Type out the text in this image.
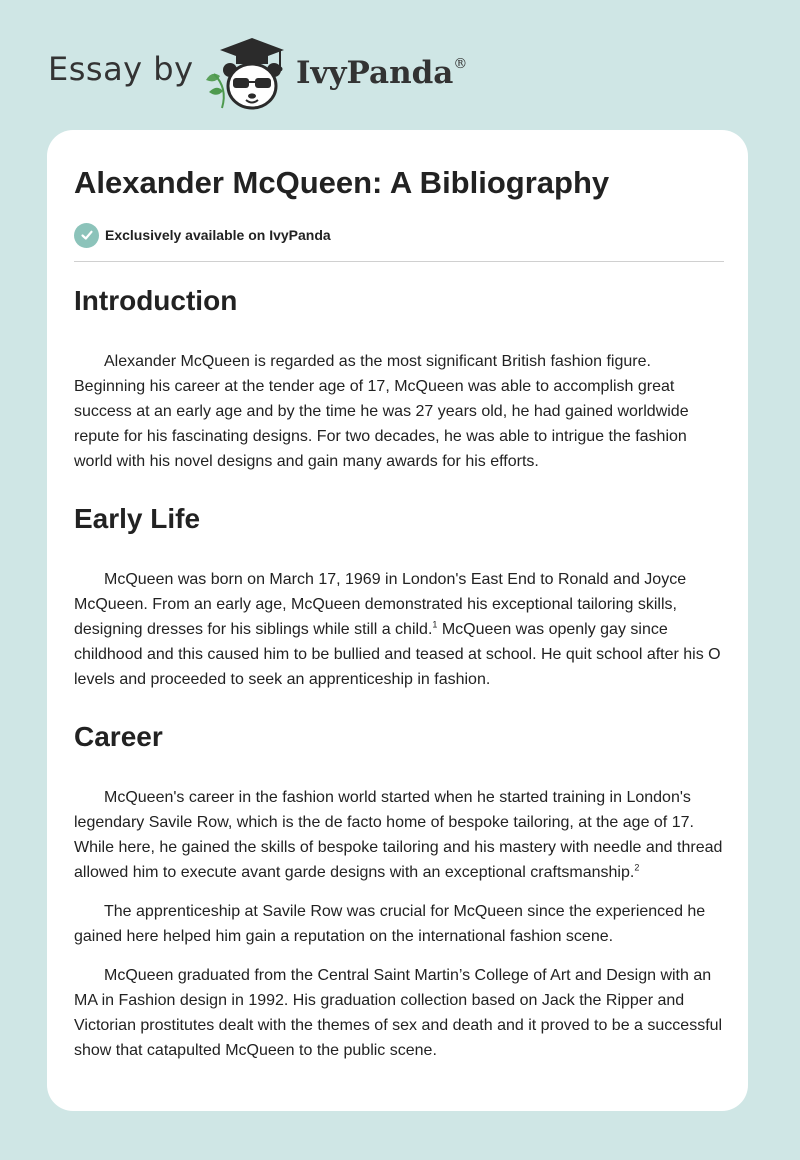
Essay by	IvyPanda®
Alexander McQueen: A Bibliography
Exclusively available on IvyPanda
Introduction

Alexander McQueen is regarded as the most significant British fashion figure. Beginning his career at the tender age of 17, McQueen was able to accomplish great success at an early age and by the time he was 27 years old, he had gained worldwide repute for his fascinating designs. For two decades, he was able to intrigue the fashion world with his novel designs and gain many awards for his efforts.

Early Life

McQueen was born on March 17, 1969 in London's East End to Ronald and Joyce McQueen. From an early age, McQueen demonstrated his exceptional tailoring skills, designing dresses for his siblings while still a child.$^1$ McQueen was openly gay since childhood and this caused him to be bullied and teased at school. He quit school after his O levels and proceeded to seek an apprenticeship in fashion.

Career

McQueen's career in the fashion world started when he started training in London's legendary Savile Row, which is the de facto home of bespoke tailoring, at the age of 17. While here, he gained the skills of bespoke tailoring and his mastery with needle and thread allowed him to execute avant garde designs with an exceptional craftsmanship.$^2$

The apprenticeship at Savile Row was crucial for McQueen since the experienced he gained here helped him gain a reputation on the international fashion scene.

McQueen graduated from the Central Saint Martin’s College of Art and Design with an MA in Fashion design in 1992. His graduation collection based on Jack the Ripper and Victorian prostitutes dealt with the themes of sex and death and it proved to be a successful show that catapulted McQueen to the public scene.
